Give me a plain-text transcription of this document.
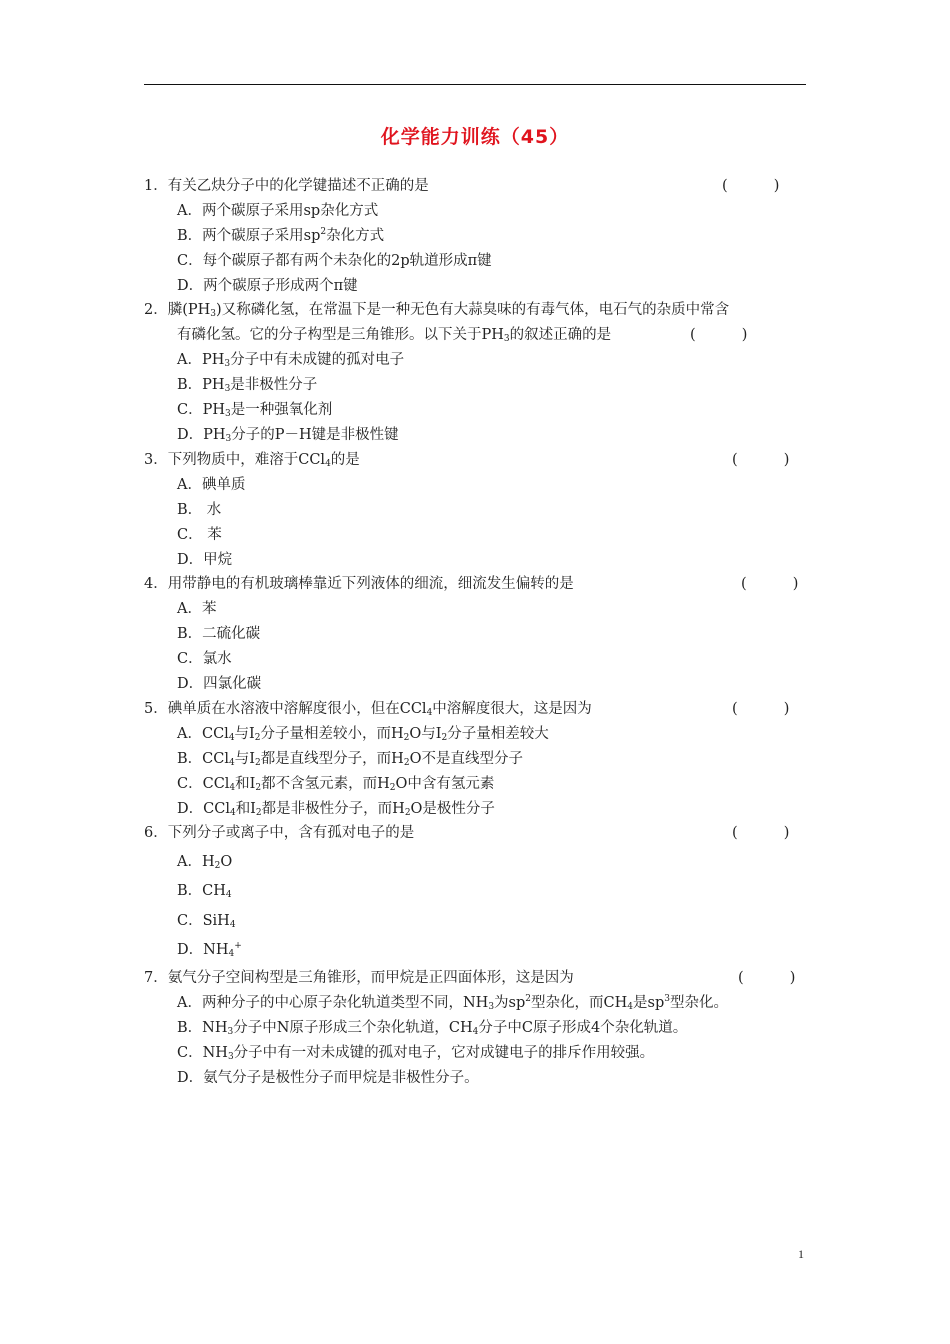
化学能力训练（45）
1．有关乙炔分子中的化学键描述不正确的是	(          )
A．两个碳原子采用sp杂化方式
B．两个碳原子采用$sp^2$杂化方式
C．每个碳原子都有两个未杂化的2p轨道形成π键
D．两个碳原子形成两个π键
2．膦$(PH_3)$又称磷化氢，在常温下是一种无色有大蒜臭味的有毒气体，电石气的杂质中常含
有磷化氢。它的分子构型是三角锥形。以下关于$PH_3$的叙述正确的是	(          )
A．$PH_3$分子中有未成键的孤对电子
B．$PH_3$是非极性分子
C．$PH_3$是一种强氧化剂
D．$PH_3$分子的P－H键是非极性键
3．下列物质中，难溶于CCl$_4$的是	(          )
A．碘单质
B． 水
C． 苯
D．甲烷
4．用带静电的有机玻璃棒靠近下列液体的细流，细流发生偏转的是	(          )
A．苯
B．二硫化碳
C．氯水
D．四氯化碳
5．碘单质在水溶液中溶解度很小，但在CCl$_4$中溶解度很大，这是因为	(          )
A．CCl$_4$与$I_2$分子量相差较小，而$H_2O$与$I_2$分子量相差较大
B．CCl$_4$与$I_2$都是直线型分子，而$H_2O$不是直线型分子
C．CCl$_4$和$I_2$都不含氢元素，而$H_2O$中含有氢元素
D．CCl$_4$和$I_2$都是非极性分子，而$H_2O$是极性分子
6．下列分子或离子中，含有孤对电子的是	(          )
A．$H_2O$
B．$CH_4$
C．SiH$_4$
D．$NH_4^+$
7．氨气分子空间构型是三角锥形，而甲烷是正四面体形，这是因为	(          )
A．两种分子的中心原子杂化轨道类型不同，$NH_3$为$sp^2$型杂化，而$CH_4$是$sp^3$型杂化。
B．$NH_3$分子中N原子形成三个杂化轨道，$CH_4$分子中C原子形成4个杂化轨道。
C．$NH_3$分子中有一对未成键的孤对电子，它对成键电子的排斥作用较强。
D．氨气分子是极性分子而甲烷是非极性分子。
1
